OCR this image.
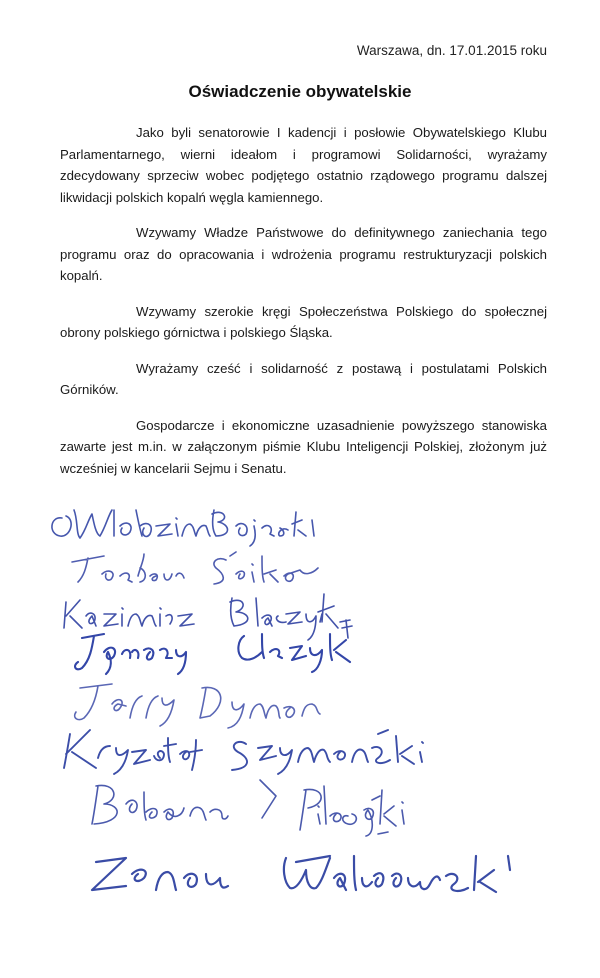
Warszawa, dn. 17.01.2015 roku
Oświadczenie obywatelskie

Jako byli senatorowie I kadencji i posłowie Obywatelskiego Klubu Parlamentarnego, wierni ideałom i programowi Solidarności, wyrażamy zdecydowany sprzeciw wobec podjętego ostatnio rządowego programu dalszej likwidacji polskich kopalń węgla kamiennego.

Wzywamy Władze Państwowe do definitywnego zaniechania tego programu oraz do opracowania i wdrożenia programu restrukturyzacji polskich kopalń.

Wzywamy szerokie kręgi Społeczeństwa Polskiego do społecznej obrony polskiego górnictwa i polskiego Śląska.

Wyrażamy cześć i solidarność z postawą i postulatami Polskich Górników.

Gospodarcze i ekonomiczne uzasadnienie powyższego stanowiska zawarte jest m.in. w załączonym piśmie Klubu Inteligencji Polskiej, złożonym już wcześniej w kancelarii Sejmu i Senatu.
